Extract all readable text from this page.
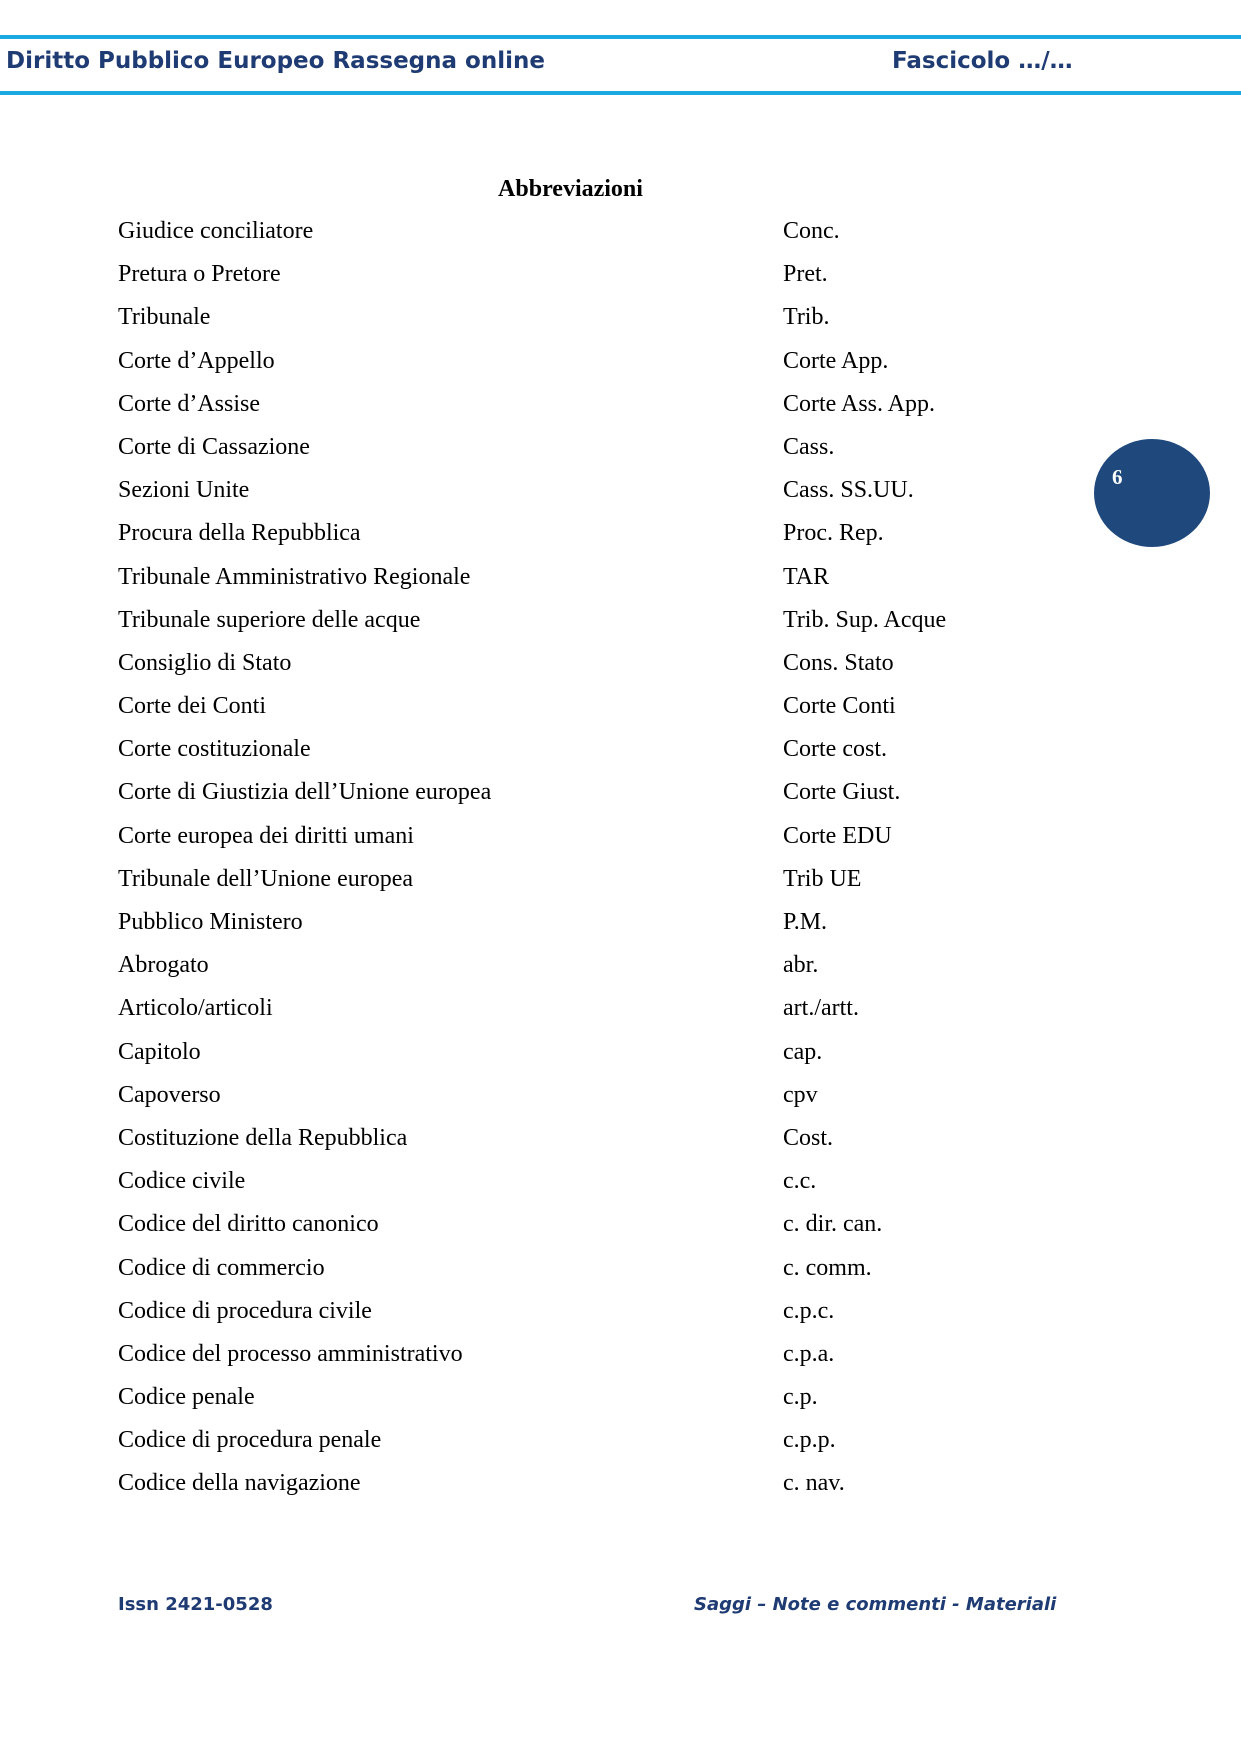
Diritto Pubblico Europeo Rassegna online	Fascicolo …/…
Abbreviazioni
Giudice conciliatore	Conc.
Pretura o Pretore	Pret.
Tribunale	Trib.
Corte d’Appello	Corte App.
Corte d’Assise	Corte Ass. App.
Corte di Cassazione	Cass.
Sezioni Unite	Cass. SS.UU.
Procura della Repubblica	Proc. Rep.
Tribunale Amministrativo Regionale	TAR
Tribunale superiore delle acque	Trib. Sup. Acque
Consiglio di Stato	Cons. Stato
Corte dei Conti	Corte Conti
Corte costituzionale	Corte cost.
Corte di Giustizia dell’Unione europea	Corte Giust.
Corte europea dei diritti umani	Corte EDU
Tribunale dell’Unione europea	Trib UE
Pubblico Ministero	P.M.
Abrogato	abr.
Articolo/articoli	art./artt.
Capitolo	cap.
Capoverso	cpv
Costituzione della Repubblica	Cost.
Codice civile	c.c.
Codice del diritto canonico	c. dir. can.
Codice di commercio	c. comm.
Codice di procedura civile	c.p.c.
Codice del processo amministrativo	c.p.a.
Codice penale	c.p.
Codice di procedura penale	c.p.p.
Codice della navigazione	c. nav.
6
Issn 2421-0528	Saggi – Note e commenti - Materiali
